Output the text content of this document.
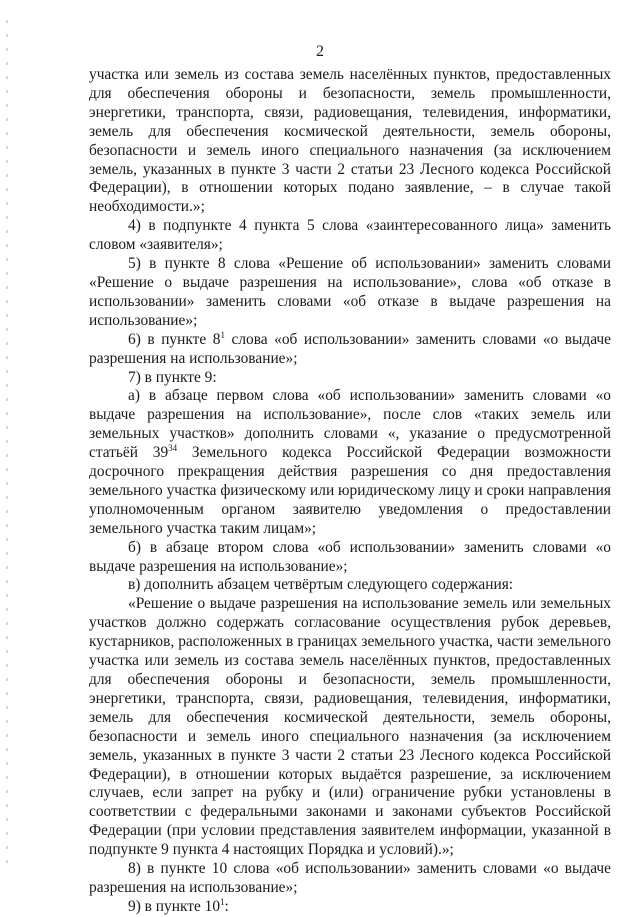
2

участка или земель из состава земель населённых пунктов, предоставленных для обеспечения обороны и безопасности, земель промышленности, энергетики, транспорта, связи, радиовещания, телевидения, информатики, земель для обеспечения космической деятельности, земель обороны, безопасности и земель иного специального назначения (за исключением земель, указанных в пункте 3 части 2 статьи 23 Лесного кодекса Российской Федерации), в отношении которых подано заявление, – в случае такой необходимости.»;

4) в подпункте 4 пункта 5 слова «заинтересованного лица» заменить словом «заявителя»;

5) в пункте 8 слова «Решение об использовании» заменить словами «Решение о выдаче разрешения на использование», слова «об отказе в использовании» заменить словами «об отказе в выдаче разрешения на использование»;

6) в пункте $8^1$ слова «об использовании» заменить словами «о выдаче разрешения на использование»;

7) в пункте 9:

а) в абзаце первом слова «об использовании» заменить словами «о выдаче разрешения на использование», после слов «таких земель или земельных участков» дополнить словами «, указание о предусмотренной статьёй $39^{34}$ Земельного кодекса Российской Федерации возможности досрочного прекращения действия разрешения со дня предоставления земельного участка физическому или юридическому лицу и сроки направления уполномоченным органом заявителю уведомления о предоставлении земельного участка таким лицам»;

б) в абзаце втором слова «об использовании» заменить словами «о выдаче разрешения на использование»;

в) дополнить абзацем четвёртым следующего содержания:

«Решение о выдаче разрешения на использование земель или земельных участков должно содержать согласование осуществления рубок деревьев, кустарников, расположенных в границах земельного участка, части земельного участка или земель из состава земель населённых пунктов, предоставленных для обеспечения обороны и безопасности, земель промышленности, энергетики, транспорта, связи, радиовещания, телевидения, информатики, земель для обеспечения космической деятельности, земель обороны, безопасности и земель иного специального назначения (за исключением земель, указанных в пункте 3 части 2 статьи 23 Лесного кодекса Российской Федерации), в отношении которых выдаётся разрешение, за исключением случаев, если запрет на рубку и (или) ограничение рубки установлены в соответствии с федеральными законами и законами субъектов Российской Федерации (при условии представления заявителем информации, указанной в подпункте 9 пункта 4 настоящих Порядка и условий).»;

8) в пункте 10 слова «об использовании» заменить словами «о выдаче разрешения на использование»;

9) в пункте $10^1$:
